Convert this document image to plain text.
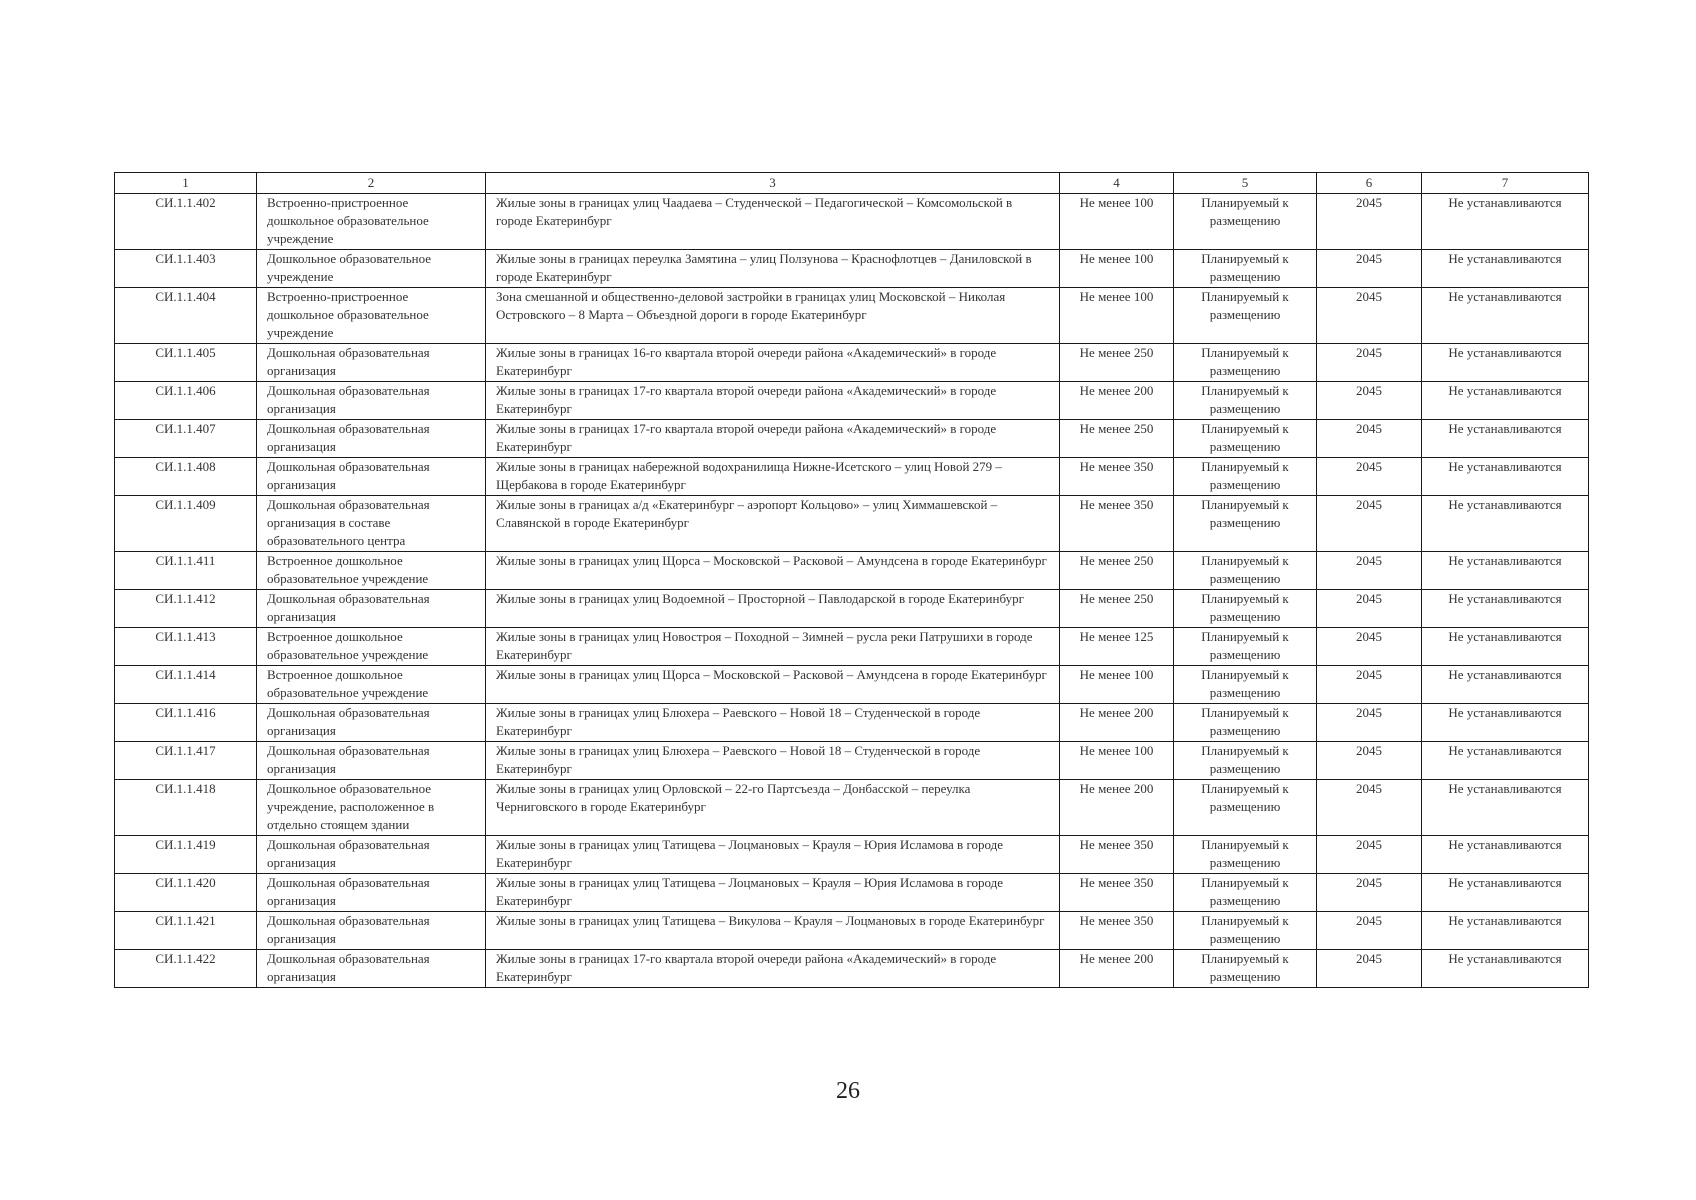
1	2	3	4	5	6	7
СИ.1.1.402	Встроенно-пристроенное дошкольное образовательное учреждение	Жилые зоны в границах улиц Чаадаева – Студенческой – Педагогической – Комсомольской в городе Екатеринбург	Не менее 100	Планируемый к размещению	2045	Не устанавливаются
СИ.1.1.403	Дошкольное образовательное учреждение	Жилые зоны в границах переулка Замятина – улиц Ползунова – Краснофлотцев – Даниловской в городе Екатеринбург	Не менее 100	Планируемый к размещению	2045	Не устанавливаются
СИ.1.1.404	Встроенно-пристроенное дошкольное образовательное учреждение	Зона смешанной и общественно-деловой застройки в границах улиц Московской – Николая Островского – 8 Марта – Объездной дороги в городе Екатеринбург	Не менее 100	Планируемый к размещению	2045	Не устанавливаются
СИ.1.1.405	Дошкольная образовательная организация	Жилые зоны в границах 16-го квартала второй очереди района «Академический» в городе Екатеринбург	Не менее 250	Планируемый к размещению	2045	Не устанавливаются
СИ.1.1.406	Дошкольная образовательная организация	Жилые зоны в границах 17-го квартала второй очереди района «Академический» в городе Екатеринбург	Не менее 200	Планируемый к размещению	2045	Не устанавливаются
СИ.1.1.407	Дошкольная образовательная организация	Жилые зоны в границах 17-го квартала второй очереди района «Академический» в городе Екатеринбург	Не менее 250	Планируемый к размещению	2045	Не устанавливаются
СИ.1.1.408	Дошкольная образовательная организация	Жилые зоны в границах набережной водохранилища Нижне-Исетского – улиц Новой 279 – Щербакова в городе Екатеринбург	Не менее 350	Планируемый к размещению	2045	Не устанавливаются
СИ.1.1.409	Дошкольная образовательная организация в составе образовательного центра	Жилые зоны в границах а/д «Екатеринбург – аэропорт Кольцово» – улиц Химмашевской – Славянской в городе Екатеринбург	Не менее 350	Планируемый к размещению	2045	Не устанавливаются
СИ.1.1.411	Встроенное дошкольное образовательное учреждение	Жилые зоны в границах улиц Щорса – Московской – Расковой – Амундсена в городе Екатеринбург	Не менее 250	Планируемый к размещению	2045	Не устанавливаются
СИ.1.1.412	Дошкольная образовательная организация	Жилые зоны в границах улиц Водоемной – Просторной – Павлодарской в городе Екатеринбург	Не менее 250	Планируемый к размещению	2045	Не устанавливаются
СИ.1.1.413	Встроенное дошкольное образовательное учреждение	Жилые зоны в границах улиц Новостроя – Походной – Зимней – русла реки Патрушихи в городе Екатеринбург	Не менее 125	Планируемый к размещению	2045	Не устанавливаются
СИ.1.1.414	Встроенное дошкольное образовательное учреждение	Жилые зоны в границах улиц Щорса – Московской – Расковой – Амундсена в городе Екатеринбург	Не менее 100	Планируемый к размещению	2045	Не устанавливаются
СИ.1.1.416	Дошкольная образовательная организация	Жилые зоны в границах улиц Блюхера – Раевского – Новой 18 – Студенческой в городе Екатеринбург	Не менее 200	Планируемый к размещению	2045	Не устанавливаются
СИ.1.1.417	Дошкольная образовательная организация	Жилые зоны в границах улиц Блюхера – Раевского – Новой 18 – Студенческой в городе Екатеринбург	Не менее 100	Планируемый к размещению	2045	Не устанавливаются
СИ.1.1.418	Дошкольное образовательное учреждение, расположенное в отдельно стоящем здании	Жилые зоны в границах улиц Орловской – 22-го Партсъезда – Донбасской – переулка Черниговского в городе Екатеринбург	Не менее 200	Планируемый к размещению	2045	Не устанавливаются
СИ.1.1.419	Дошкольная образовательная организация	Жилые зоны в границах улиц Татищева – Лоцмановых – Крауля – Юрия Исламова в городе Екатеринбург	Не менее 350	Планируемый к размещению	2045	Не устанавливаются
СИ.1.1.420	Дошкольная образовательная организация	Жилые зоны в границах улиц Татищева – Лоцмановых – Крауля – Юрия Исламова в городе Екатеринбург	Не менее 350	Планируемый к размещению	2045	Не устанавливаются
СИ.1.1.421	Дошкольная образовательная организация	Жилые зоны в границах улиц Татищева – Викулова – Крауля – Лоцмановых в городе Екатеринбург	Не менее 350	Планируемый к размещению	2045	Не устанавливаются
СИ.1.1.422	Дошкольная образовательная организация	Жилые зоны в границах 17-го квартала второй очереди района «Академический» в городе Екатеринбург	Не менее 200	Планируемый к размещению	2045	Не устанавливаются
26
